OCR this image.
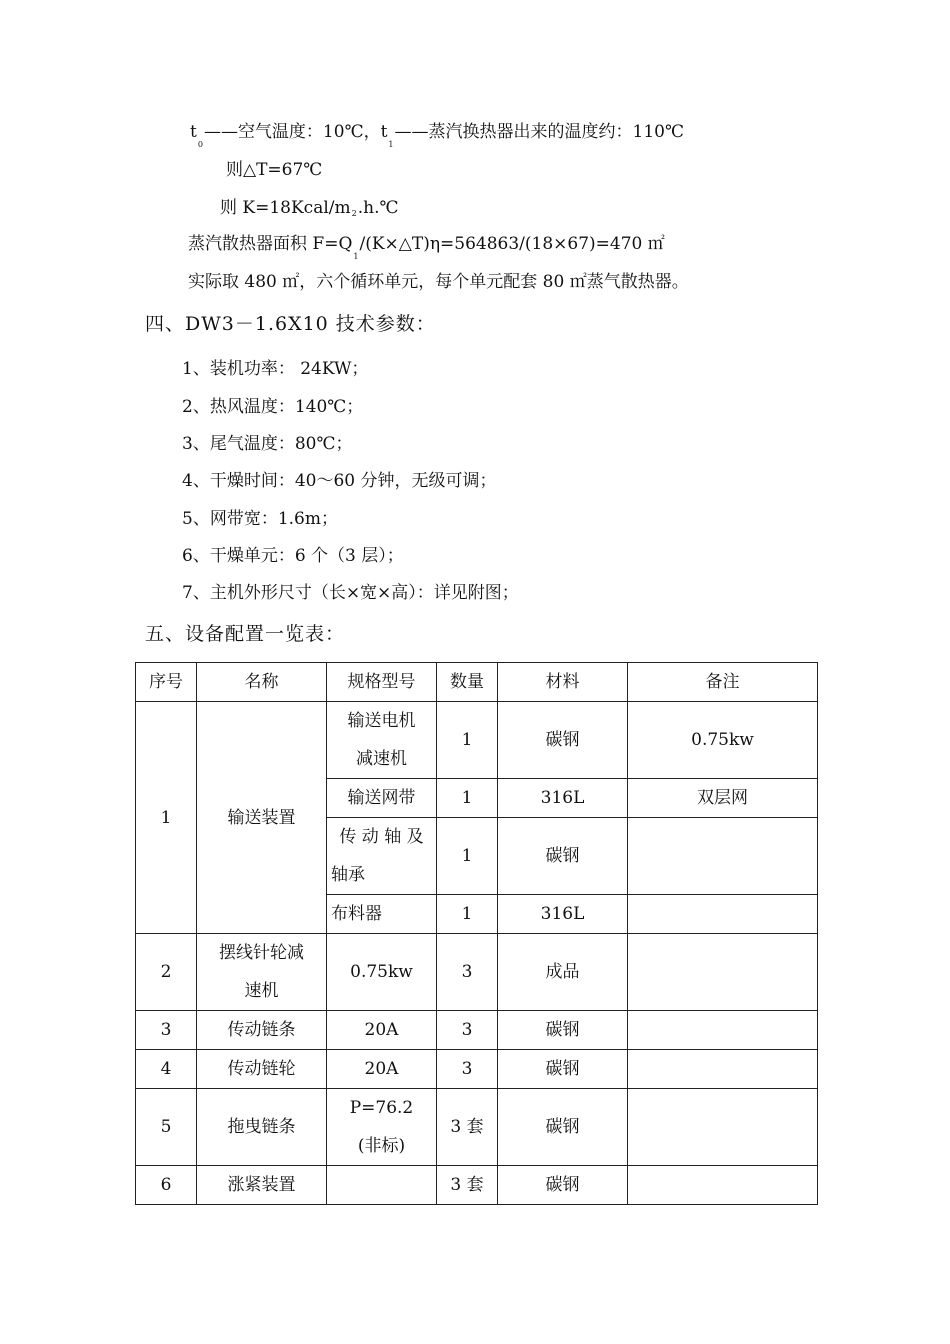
$t_0——$空气温度：10℃，$t_1——$蒸汽换热器出来的温度约：110℃
则△T=67℃
则 K=18Kcal/m2.h.℃
蒸汽散热器面积 $F=Q_1/(K\times\triangle T)\eta=564863/(18\times 67)=470$ ㎡
实际取 480 ㎡，六个循环单元，每个单元配套 80 ㎡蒸气散热器。
四、DW3－1.6X10 技术参数：
1、装机功率： 24KW；
2、热风温度：140℃；
3、尾气温度：80℃；
4、干燥时间：40～60 分钟，无级可调；
5、网带宽：1.6m；
6、干燥单元：6 个（3 层）；
7、主机外形尺寸（长×宽×高）：详见附图；
五、设备配置一览表：
序号	名称	规格型号	数量	材料	备注
1	输送装置	输送电机
减速机	1	碳钢	0.75kw
		输送网带	1	316L	双层网

		传 动 轴 及
轴承	1	碳钢	
		布料器	1	316L	
2	摆线针轮减
速机	0.75kw	3	成品	
3	传动链条	20A	3	碳钢	
4	传动链轮	20A	3	碳钢	
5	拖曳链条	P=76.2
(非标)	3 套	碳钢	
6	涨紧装置		3 套	碳钢	
